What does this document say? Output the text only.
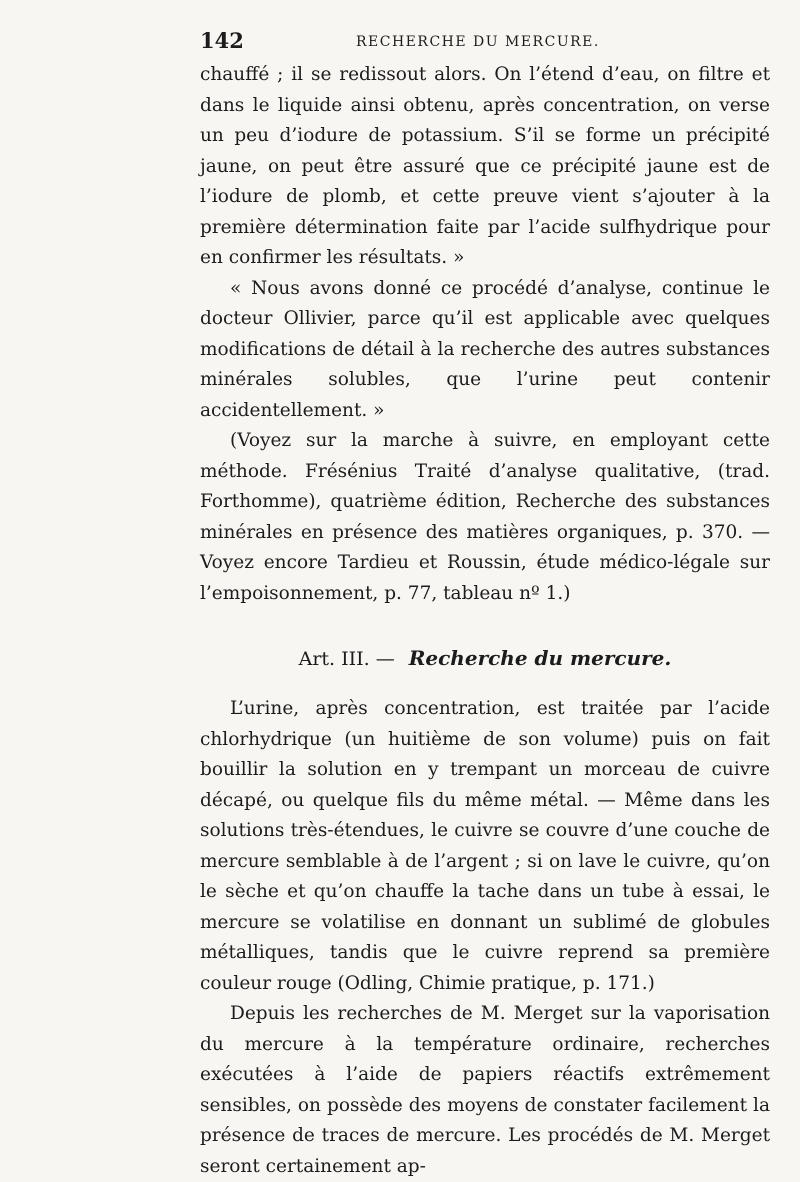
142	RECHERCHE DU MERCURE.

chauffé ; il se redissout alors. On l’étend d’eau, on filtre et dans le liquide ainsi obtenu, après concentration, on verse un peu d’iodure de potassium. S’il se forme un précipité jaune, on peut être assuré que ce précipité jaune est de l’iodure de plomb, et cette preuve vient s’ajouter à la première détermination faite par l’acide sulfhydrique pour en confirmer les résultats. »

« Nous avons donné ce procédé d’analyse, continue le docteur Ollivier, parce qu’il est applicable avec quelques modifications de détail à la recherche des autres substances minérales solubles, que l’urine peut contenir accidentellement. »

(Voyez sur la marche à suivre, en employant cette méthode. Frésénius Traité d’analyse qualitative, (trad. Forthomme), quatrième édition, Recherche des substances minérales en présence des matières organiques, p. 370. — Voyez encore Tardieu et Roussin, étude médico-légale sur l’empoisonnement, p. 77, tableau nº 1.)

Art. III. — Recherche du mercure.

L’urine, après concentration, est traitée par l’acide chlorhydrique (un huitième de son volume) puis on fait bouillir la solution en y trempant un morceau de cuivre décapé, ou quelque fils du même métal. — Même dans les solutions très-étendues, le cuivre se couvre d’une couche de mercure semblable à de l’argent ; si on lave le cuivre, qu’on le sèche et qu’on chauffe la tache dans un tube à essai, le mercure se volatilise en donnant un sublimé de globules métalliques, tandis que le cuivre reprend sa première couleur rouge (Odling, Chimie pratique, p. 171.)

Depuis les recherches de M. Merget sur la vaporisation du mercure à la température ordinaire, recherches exécutées à l’aide de papiers réactifs extrêmement sensibles, on possède des moyens de constater facilement la présence de traces de mercure. Les procédés de M. Merget seront certainement ap-
